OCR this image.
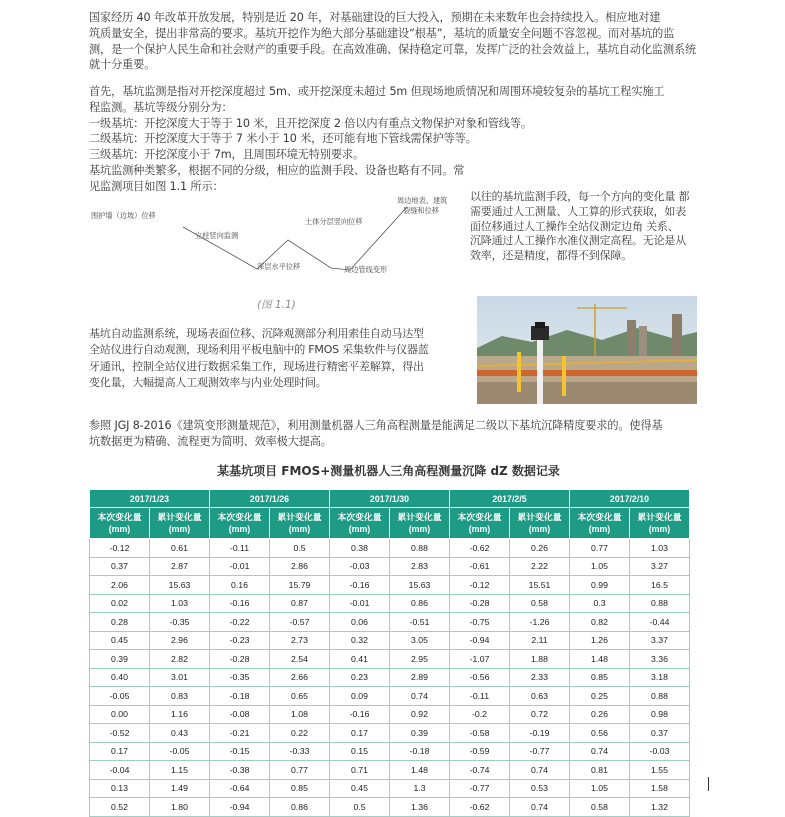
国家经历 40 年改革开放发展，特别是近 20 年，对基础建设的巨大投入，预期在未来数年也会持续投入。相应地对建
筑质量安全，提出非常高的要求。基坑开挖作为绝大部分基础建设“根基”，基坑的质量安全问题不容忽视。而对基坑的监
测，是一个保护人民生命和社会财产的重要手段。在高效准确、保持稳定可靠，发挥广泛的社会效益上，基坑自动化监测系统
就十分重要。
首先，基坑监测是指对开挖深度超过 5m、或开挖深度未超过 5m 但现场地质情况和周围环境较复杂的基坑工程实施工
程监测。基坑等级分别分为：
一级基坑：开挖深度大于等于 10 米，且开挖深度 2 倍以内有重点文物保护对象和管线等。
二级基坑：开挖深度大于等于 7 米小于 10 米，还可能有地下管线需保护等等。
三级基坑：开挖深度小于 7m，且周围环境无特别要求。
基坑监测种类繁多，根据不同的分级，相应的监测手段、设备也略有不同。常
见监测项目如图 1.1 所示：
围护墙（边坡）位移
立柱竖向监测
深层水平位移
土体分层竖向位移
周边管线变形
周边地表、建筑
裂缝和位移
(图 1.1)
以往的基坑监测手段，每一个方向的变化量 都
需要通过人工测量、人工算的形式获取，如表
面位移通过人工操作全站仪测定边角 关系、
沉降通过人工操作水准仪测定高程。无论是从
效率，还是精度，都得不到保障。
基坑自动监测系统，现场表面位移、沉降观测部分利用索佳自动马达型
全站仪进行自动观测，现场利用平板电脑中的 FMOS 采集软件与仪器蓝
牙通讯，控制全站仪进行数据采集工作，现场进行精密平差解算，得出
变化量，大幅提高人工观测效率与内业处理时间。
参照 JGJ 8-2016《建筑变形测量规范》，利用测量机器人三角高程测量是能满足二级以下基坑沉降精度要求的。使得基
坑数据更为精确、流程更为简明、效率极大提高。
某基坑项目 FMOS+测量机器人三角高程测量沉降 dZ 数据记录
2017/1/23		2017/1/26		2017/1/30		2017/2/5		2017/2/10	
本次变化量
(mm)	累计变化量
(mm)	本次变化量
(mm)	累计变化量
(mm)	本次变化量
(mm)	累计变化量
(mm)	本次变化量
(mm)	累计变化量
(mm)	本次变化量
(mm)	累计变化量
(mm)
-0.12	0.61	-0.11	0.5	0.38	0.88	-0.62	0.26	0.77	1.03
0.37	2.87	-0.01	2.86	-0.03	2.83	-0.61	2.22	1.05	3.27
2.06	15.63	0.16	15.79	-0.16	15.63	-0.12	15.51	0.99	16.5
0.02	1.03	-0.16	0.87	-0.01	0.86	-0.28	0.58	0.3	0.88
0.28	-0.35	-0.22	-0.57	0.06	-0.51	-0.75	-1.26	0.82	-0.44
0.45	2.96	-0.23	2.73	0.32	3.05	-0.94	2.11	1.26	3.37
0.39	2.82	-0.28	2.54	0.41	2.95	-1.07	1.88	1.48	3.36
0.40	3.01	-0.35	2.66	0.23	2.89	-0.56	2.33	0.85	3.18
-0.05	0.83	-0.18	0.65	0.09	0.74	-0.11	0.63	0.25	0.88
0.00	1.16	-0.08	1.08	-0.16	0.92	-0.2	0.72	0.26	0.98
-0.52	0.43	-0.21	0.22	0.17	0.39	-0.58	-0.19	0.56	0.37
0.17	-0.05	-0.15	-0.33	0.15	-0.18	-0.59	-0.77	0.74	-0.03
-0.04	1.15	-0.38	0.77	0.71	1.48	-0.74	0.74	0.81	1.55
0.13	1.49	-0.64	0.85	0.45	1.3	-0.77	0.53	1.05	1.58
0.52	1.80	-0.94	0.86	0.5	1.36	-0.62	0.74	0.58	1.32
